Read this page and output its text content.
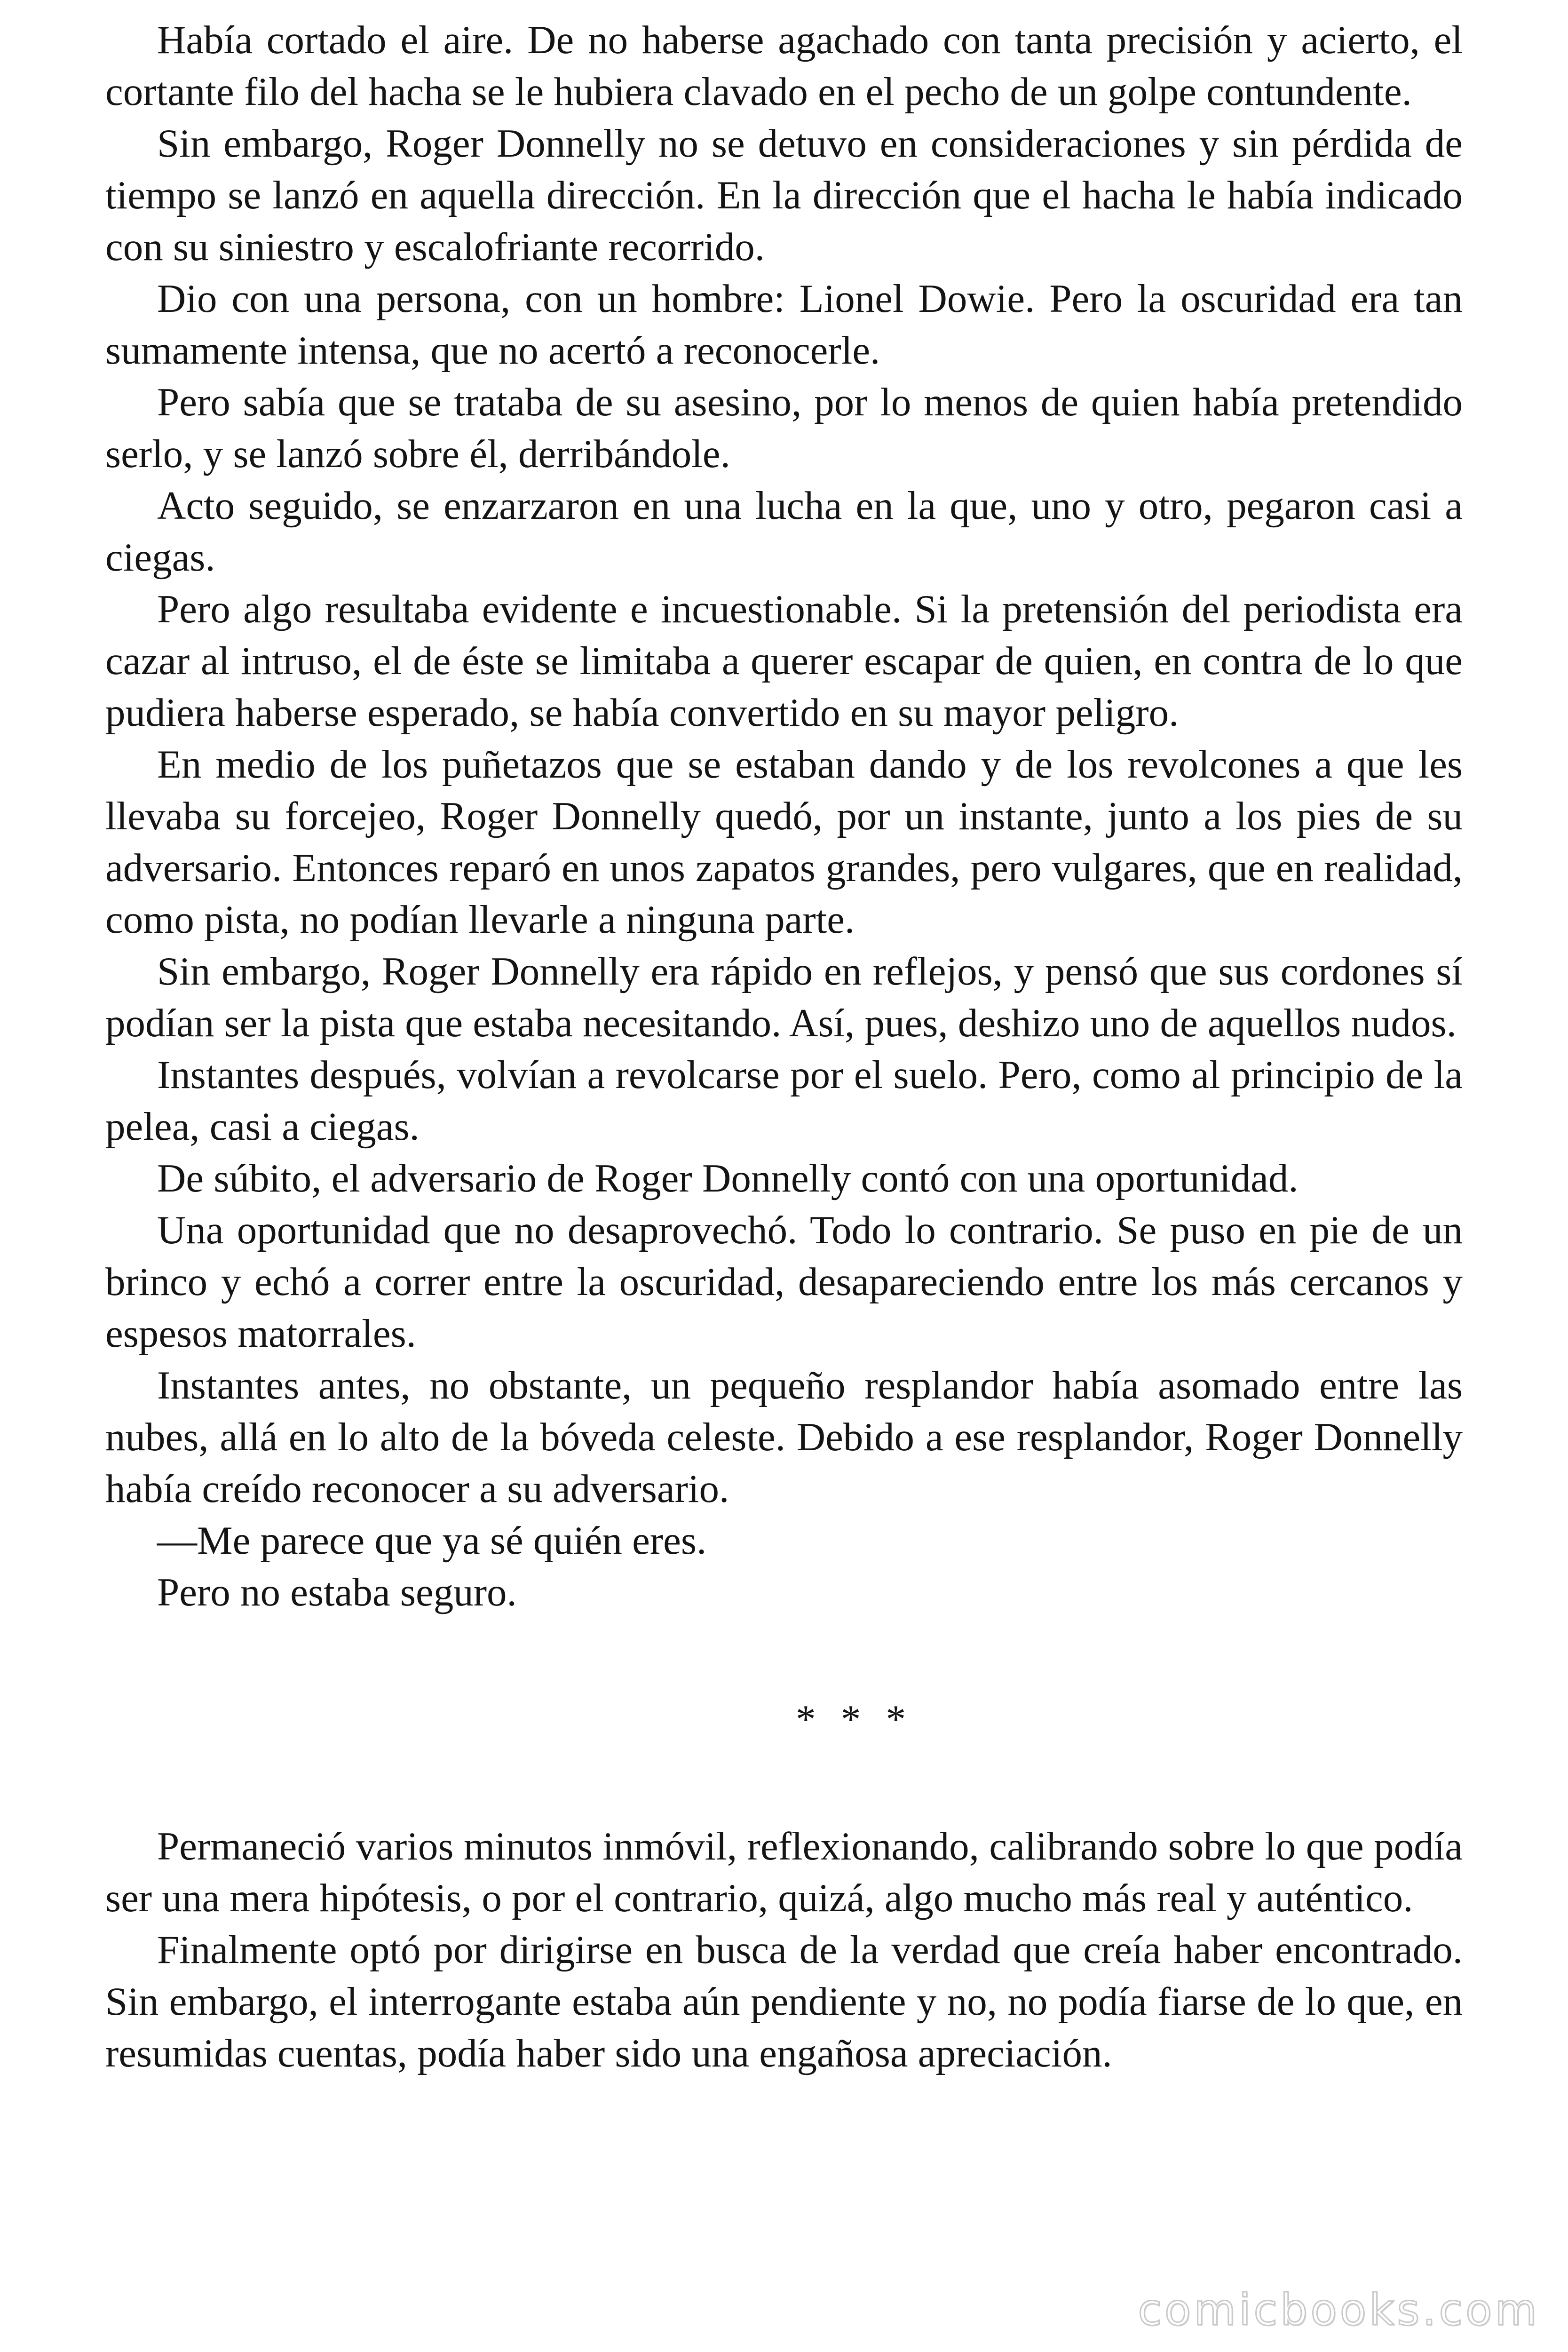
Había cortado el aire. De no haberse agachado con tanta precisión y acierto, el cortante filo del hacha se le hubiera clavado en el pecho de un golpe contundente.

Sin embargo, Roger Donnelly no se detuvo en consideraciones y sin pérdida de tiempo se lanzó en aquella dirección. En la dirección que el hacha le había indicado con su siniestro y escalofriante recorrido.

Dio con una persona, con un hombre: Lionel Dowie. Pero la oscuridad era tan sumamente intensa, que no acertó a reconocerle.

Pero sabía que se trataba de su asesino, por lo menos de quien había pretendido serlo, y se lanzó sobre él, derribándole.

Acto seguido, se enzarzaron en una lucha en la que, uno y otro, pegaron casi a ciegas.

Pero algo resultaba evidente e incuestionable. Si la pretensión del periodista era cazar al intruso, el de éste se limitaba a querer escapar de quien, en contra de lo que pudiera haberse esperado, se había convertido en su mayor peligro.

En medio de los puñetazos que se estaban dando y de los revolcones a que les llevaba su forcejeo, Roger Donnelly quedó, por un instante, junto a los pies de su adversario. Entonces reparó en unos zapatos grandes, pero vulgares, que en realidad, como pista, no podían llevarle a ninguna parte.

Sin embargo, Roger Donnelly era rápido en reflejos, y pensó que sus cordones sí podían ser la pista que estaba necesitando. Así, pues, deshizo uno de aquellos nudos.

Instantes después, volvían a revolcarse por el suelo. Pero, como al principio de la pelea, casi a ciegas.

De súbito, el adversario de Roger Donnelly contó con una oportunidad.

Una oportunidad que no desaprovechó. Todo lo contrario. Se puso en pie de un brinco y echó a correr entre la oscuridad, desapareciendo entre los más cercanos y espesos matorrales.

Instantes antes, no obstante, un pequeño resplandor había asomado entre las nubes, allá en lo alto de la bóveda celeste. Debido a ese resplandor, Roger Donnelly había creído reconocer a su adversario.

—Me parece que ya sé quién eres.

Pero no estaba seguro.

* * *

Permaneció varios minutos inmóvil, reflexionando, calibrando sobre lo que podía ser una mera hipótesis, o por el contrario, quizá, algo mucho más real y auténtico.

Finalmente optó por dirigirse en busca de la verdad que creía haber encontrado. Sin embargo, el interrogante estaba aún pendiente y no, no podía fiarse de lo que, en resumidas cuentas, podía haber sido una engañosa apreciación.

comicbooks.com
